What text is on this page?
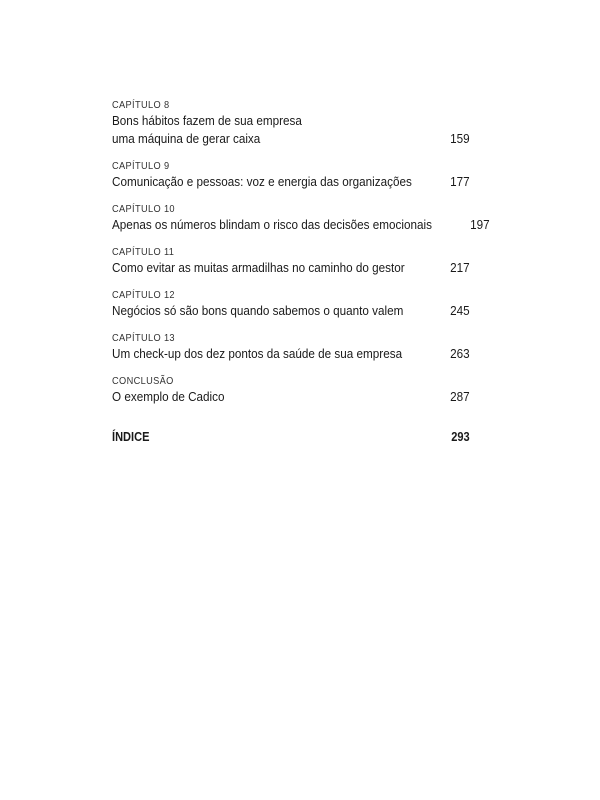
CAPÍTULO 8
Bons hábitos fazem de sua empresa
uma máquina de gerar caixa	159
CAPÍTULO 9
Comunicação e pessoas: voz e energia das organizações	177
CAPÍTULO 10
Apenas os números blindam o risco das decisões emocionais	197
CAPÍTULO 11
Como evitar as muitas armadilhas no caminho do gestor	217
CAPÍTULO 12
Negócios só são bons quando sabemos o quanto valem	245
CAPÍTULO 13
Um check-up dos dez pontos da saúde de sua empresa	263
CONCLUSÃO
O exemplo de Cadico	287
ÍNDICE	293
